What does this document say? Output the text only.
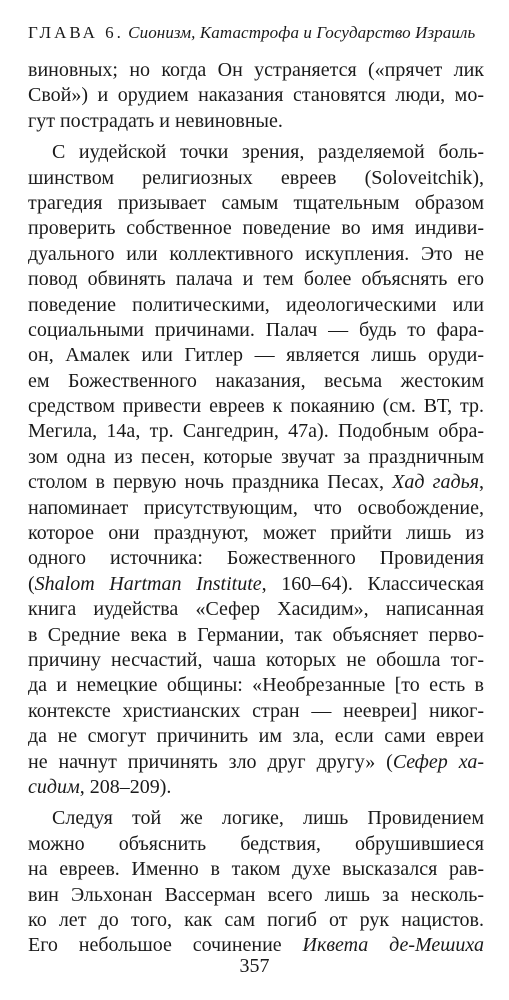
ГЛАВА 6. Сионизм, Катастрофа и Государство Израиль
виновных; но когда Он устраняется («прячет лик
Свой») и орудием наказания становятся люди, мо-
гут пострадать и невиновные.
С иудейской точки зрения, разделяемой боль-
шинством религиозных евреев (Soloveitchik),
трагедия призывает самым тщательным образом
проверить собственное поведение во имя индиви-
дуального или коллективного искупления. Это не
повод обвинять палача и тем более объяснять его
поведение политическими, идеологическими или
социальными причинами. Палач — будь то фара-
он, Амалек или Гитлер — является лишь оруди-
ем Божественного наказания, весьма жестоким
средством привести евреев к покаянию (см. ВТ, тр.
Мегила, 14а, тр. Сангедрин, 47а). Подобным обра-
зом одна из песен, которые звучат за праздничным
столом в первую ночь праздника Песах, Хад гадья,
напоминает присутствующим, что освобождение,
которое они празднуют, может прийти лишь из
одного источника: Божественного Провидения
(Shalom Hartman Institute, 160–64). Классическая
книга иудейства «Сефер Хасидим», написанная
в Средние века в Германии, так объясняет перво-
причину несчастий, чаша которых не обошла тог-
да и немецкие общины: «Необрезанные [то есть в
контексте христианских стран — неевреи] никог-
да не смогут причинить им зла, если сами евреи
не начнут причинять зло друг другу» (Сефер ха-
сидим, 208–209).
Следуя той же логике, лишь Провидением
можно объяснить бедствия, обрушившиеся
на евреев. Именно в таком духе высказался рав-
вин Эльхонан Вассерман всего лишь за несколь-
ко лет до того, как сам погиб от рук нацистов.
Его небольшое сочинение Иквета де-Мешиха
357
